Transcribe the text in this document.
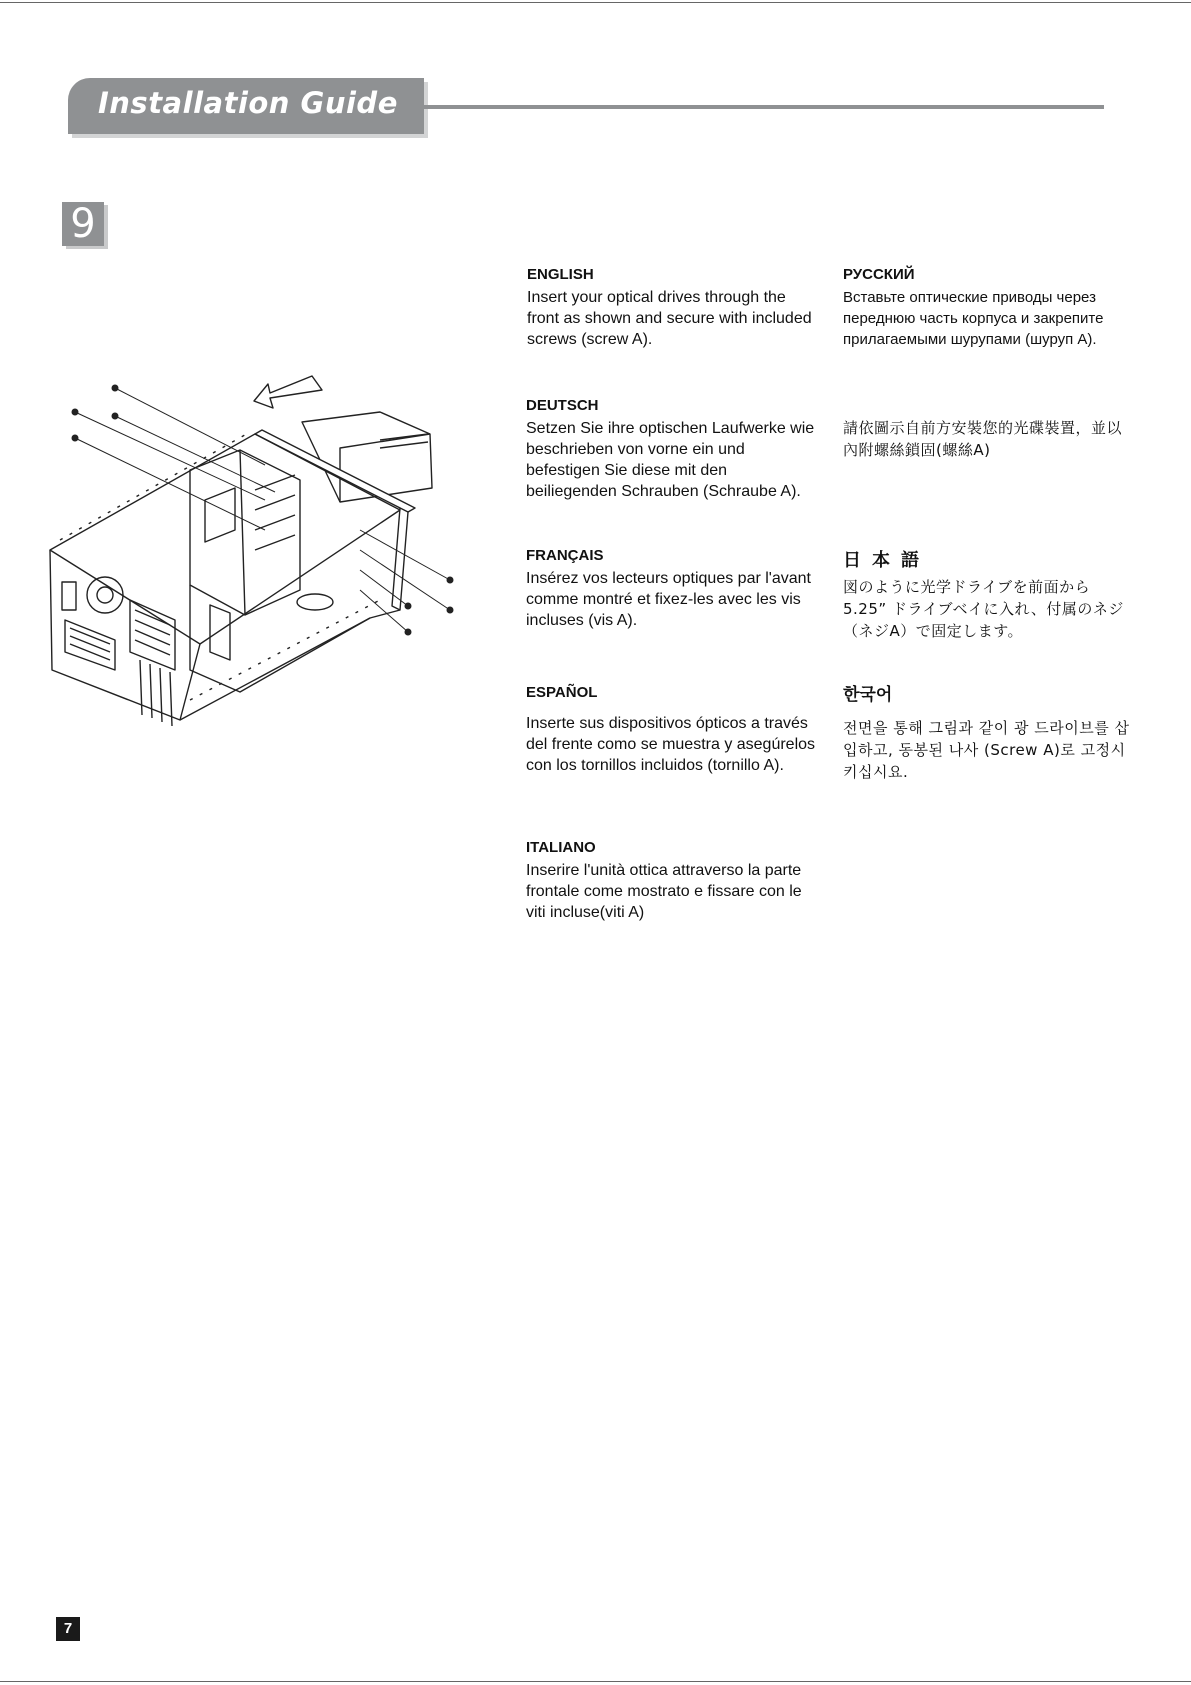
Installation Guide
9

ENGLISH

Insert your optical drives through the front as shown and secure with included screws (screw A).

РУССКИЙ

Вставьте оптические приводы через переднюю часть корпуса и закрепите прилагаемыми шурупами (шуруп А).

DEUTSCH

Setzen Sie ihre optischen Laufwerke wie beschrieben von vorne ein und befestigen Sie diese mit den beiliegenden Schrauben (Schraube A).

請依圖示自前方安裝您的光碟裝置，並以內附螺絲鎖固(螺絲A)

FRANÇAIS

Insérez vos lecteurs optiques par l'avant comme montré et fixez-les avec les vis incluses (vis A).

日 本 語

図のように光学ドライブを前面から5.25” ドライブベイに入れ、付属のネジ（ネジA）で固定します。

ESPAÑOL

Inserte sus dispositivos ópticos a través del frente como se muestra y asegúrelos con los tornillos incluidos (tornillo A).

한국어

전면을 통해 그림과 같이 광 드라이브를 삽입하고, 동봉된 나사 (Screw A)로 고정시키십시요.

ITALIANO

Inserire l'unità ottica attraverso la parte frontale come mostrato e fissare con le viti incluse(viti A)

7
